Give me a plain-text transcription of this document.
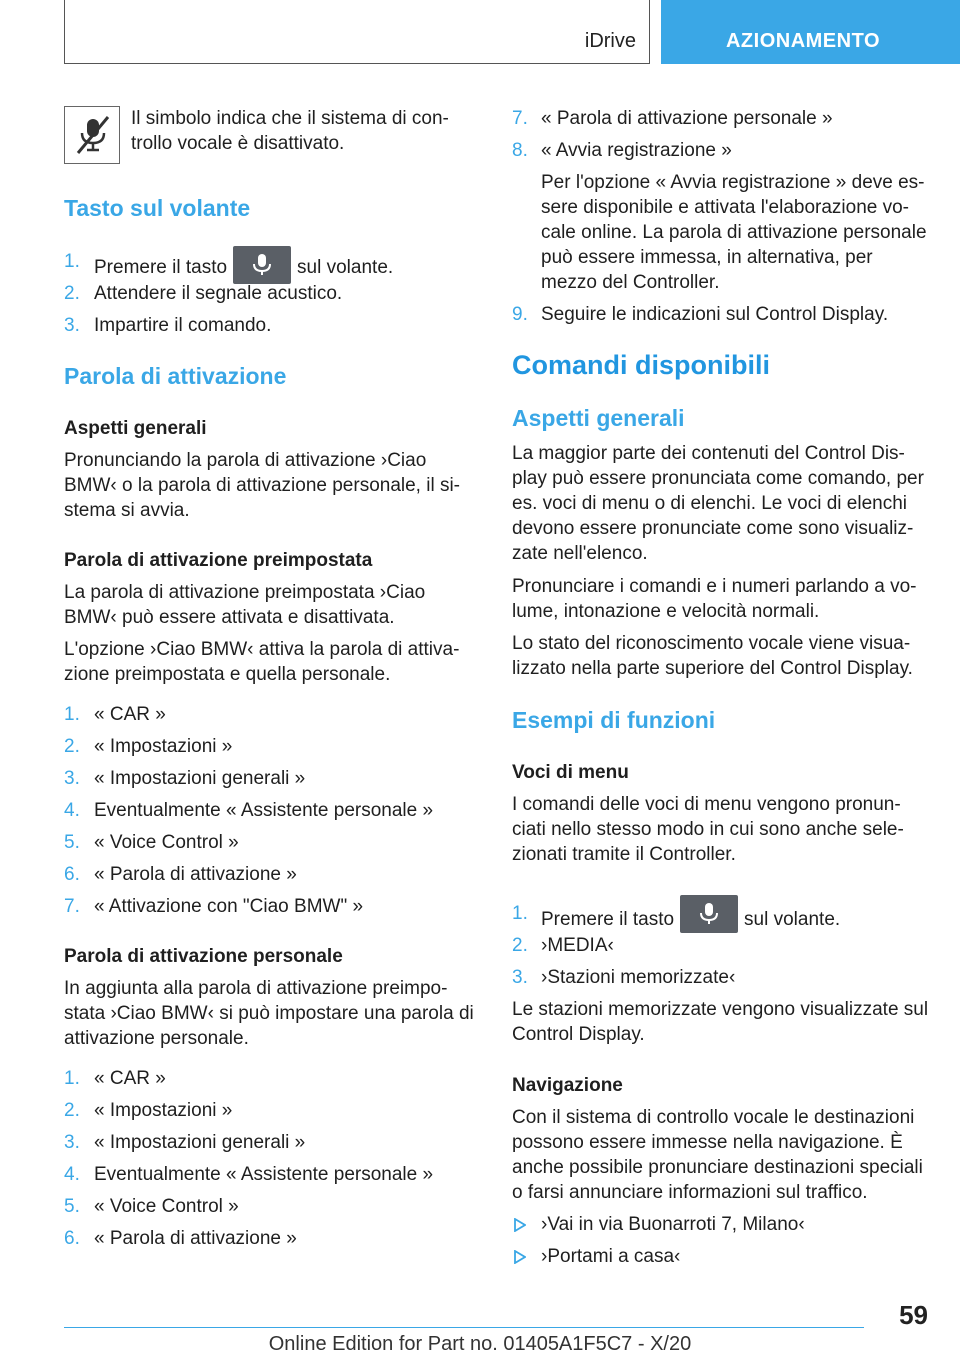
iDrive	AZIONAMENTO
Il simbolo indica che il sistema di con-
trollo vocale è disattivato.
Tasto sul volante
1. Premere il tasto	sul volante.
2. Attendere il segnale acustico.
3. Impartire il comando.
Parola di attivazione
Aspetti generali
Pronunciando la parola di attivazione ›Ciao
BMW‹ o la parola di attivazione personale, il si-
stema si avvia.
Parola di attivazione preimpostata
La parola di attivazione preimpostata ›Ciao
BMW‹ può essere attivata e disattivata.
L'opzione ›Ciao BMW‹ attiva la parola di attiva-
zione preimpostata e quella personale.
1. « CAR »
2. « Impostazioni »
3. « Impostazioni generali »
4. Eventualmente « Assistente personale »
5. « Voice Control »
6. « Parola di attivazione »
7. « Attivazione con "Ciao BMW" »
Parola di attivazione personale
In aggiunta alla parola di attivazione preimpo-
stata ›Ciao BMW‹ si può impostare una parola di
attivazione personale.
1. « CAR »
2. « Impostazioni »
3. « Impostazioni generali »
4. Eventualmente « Assistente personale »
5. « Voice Control »
6. « Parola di attivazione »
7. « Parola di attivazione personale »
8. « Avvia registrazione »
Per l'opzione « Avvia registrazione » deve es-
sere disponibile e attivata l'elaborazione vo-
cale online. La parola di attivazione personale
può essere immessa, in alternativa, per
mezzo del Controller.
9. Seguire le indicazioni sul Control Display.
Comandi disponibili
Aspetti generali
La maggior parte dei contenuti del Control Dis-
play può essere pronunciata come comando, per
es. voci di menu o di elenchi. Le voci di elenchi
devono essere pronunciate come sono visualiz-
zate nell'elenco.
Pronunciare i comandi e i numeri parlando a vo-
lume, intonazione e velocità normali.
Lo stato del riconoscimento vocale viene visua-
lizzato nella parte superiore del Control Display.
Esempi di funzioni
Voci di menu
I comandi delle voci di menu vengono pronun-
ciati nello stesso modo in cui sono anche sele-
zionati tramite il Controller.
1. Premere il tasto	sul volante.
2. ›MEDIA‹
3. ›Stazioni memorizzate‹
Le stazioni memorizzate vengono visualizzate sul
Control Display.
Navigazione
Con il sistema di controllo vocale le destinazioni
possono essere immesse nella navigazione. È
anche possibile pronunciare destinazioni speciali
o farsi annunciare informazioni sul traffico.
›Vai in via Buonarroti 7, Milano‹
›Portami a casa‹
59
Online Edition for Part no. 01405A1F5C7 - X/20
